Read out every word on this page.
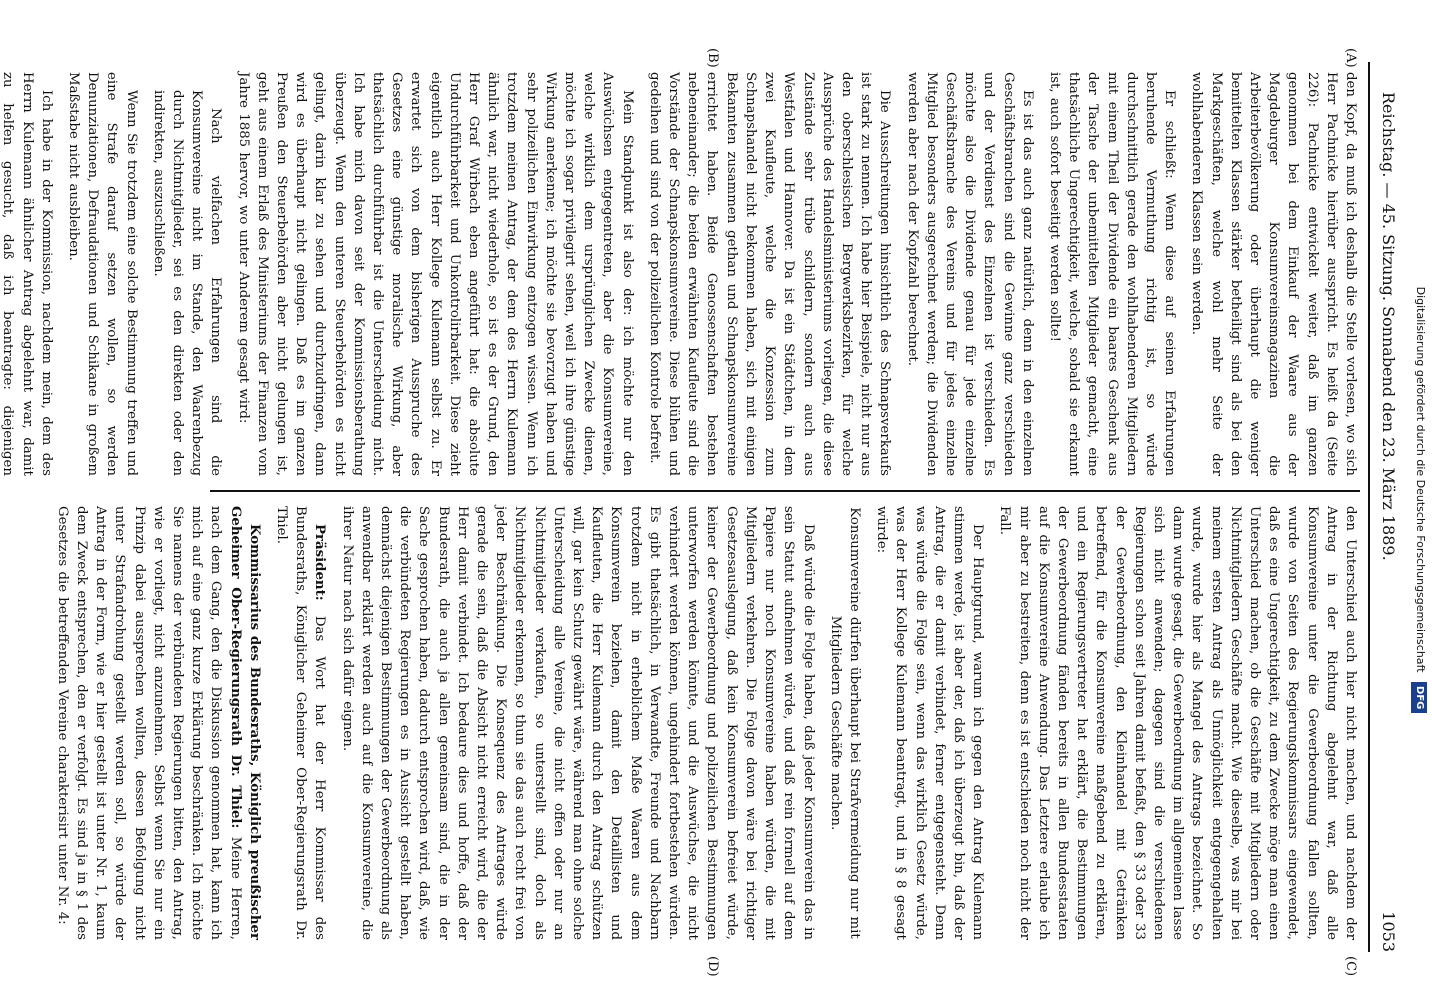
Reichstag. — 45. Sitzung. Sonnabend den 23. März 1889.
1053
(A)
(B)
(C)
(D)

den Kopf, da muß ich deshalb die Stelle vorlesen, wo sich Herr Pachnicke hierüber ausspricht. Es heißt da (Seite 226): Pachnicke entwickelt weiter, daß im ganzen genommen bei dem Einkauf der Waare aus der Magdeburger Konsumvereinsmagazinen die Arbeiterbevölkerung oder überhaupt die weniger bemittelten Klassen stärker betheiligt sind als bei den Markgeschäften, welche wohl mehr Seite der wohlhabenderen Klassen sein werden.

Er schließt: Wenn diese auf seinen Erfahrungen beruhende Vermuthung richtig ist, so würde durchschnittlich gerade den wohlhabenderen Mitgliedern mit einem Theil der Dividende ein baares Geschenk aus der Tasche der unbemittelten Mitglieder gemacht, eine thatsächliche Ungerechtigkeit, welche, sobald sie erkannt ist, auch sofort beseitigt werden sollte!

Es ist das auch ganz natürlich, denn in den einzelnen Geschäftsbranchen sind die Gewinne ganz verschieden und der Verdienst des Einzelnen ist verschieden. Es möchte also die Dividende genau für jede einzelne Geschäftsbranche des Vereins und für jedes einzelne Mitglied besonders ausgerechnet werden; die Dividenden werden aber nach der Kopfzahl berechnet.

Die Ausschreitungen hinsichtlich des Schnapsverkaufs ist stark zu nennen. Ich habe hier Beispiele, nicht nur aus den oberschlesischen Bergwerksbezirken, für welche Aussprüche des Handelsministeriums vorliegen, die diese Zustände sehr trübe schildern, sondern auch aus Westfalen und Hannover. Da ist ein Städtchen, in dem zwei Kaufleute, welche die Konzession zum Schnapshandel nicht bekommen haben, sich mit einigen Bekannten zusammen gethan und Schnapskonsumvereine errichtet haben. Beide Genossenschaften bestehen nebeneinander; die beiden erwähnten Kaufleute sind die Vorstände der Schnapskonsumvereine. Diese blühen und gedeihen und sind von der polizeilichen Kontrole befreit.

Mein Standpunkt ist also der: ich möchte nur den Auswüchsen entgegentreten, aber die Konsumvereine, welche wirklich dem ursprünglichen Zwecke dienen, möchte ich sogar privilegirt sehen, weil ich ihre günstige Wirkung anerkenne; ich möchte sie bevorzugt haben und sehr polizeilichen Einwirkung entzogen wissen. Wenn ich trotzdem meinen Antrag, der dem des Herrn Kulemann ähnlich war, nicht wiederhole, so ist es der Grund, den Herr Graf Wirbach eben angeführt hat: die absolute Undurchführbarkeit und Unkontrolirbarkeit. Diese zieht eigentlich auch Herr Kollege Kulemann selbst zu. Er erwartet sich von dem bisherigen Ausspruche des Gesetzes eine günstige moralische Wirkung, aber thatsächlich durchführbar ist die Unterscheidung nicht. Ich habe mich davon seit der Kommissionsberathung überzeugt. Wenn den unteren Steuerbehörden es nicht gelingt, darin klar zu sehen und durchzudringen, dann wird es überhaupt nicht gelingen. Daß es im ganzen Preußen den Steuerbehörden aber nicht gelungen ist, geht aus einem Erlaß des Ministeriums der Finanzen vom Jahre 1885 hervor, wo unter Anderem gesagt wird:

Nach vielfachen Erfahrungen sind die Konsumvereine nicht im Stande, den Waarenbezug durch Nichtmitglieder, sei es den direkten oder den indirekten, auszuschließen.

Wenn Sie trotzdem eine solche Bestimmung treffen und eine Strafe darauf setzen wollen, so werden Denunziationen, Defraudationen und Schikane in großem Maßstabe nicht ausbleiben.

Ich habe in der Kommission, nachdem mein, dem des Herrn Kulemann ähnlicher Antrag abgelehnt war, damit zu helfen gesucht, daß ich beantragte: diejenigen

den Unterschied auch hier nicht machen, und nachdem der Antrag in der Richtung abgelehnt war, daß alle Konsumvereine unter die Gewerbeordnung fallen sollten, wurde von Seiten des Regierungskommissars eingewendet, daß es eine Ungerechtigkeit, zu dem Zwecke möge man einen Unterschied machen, ob die Geschäfte mit Mitgliedern oder Nichtmitgliedern Geschäfte macht. Wie dieselbe, was mir bei meinem ersten Antrag als Unmöglichkeit entgegengehalten wurde, wurde hier als Mangel des Antrags bezeichnet. So dann wurde gesagt, die Gewerbeordnung im allgemeinen lasse sich nicht anwenden; dagegen sind die verschiedenen Regierungen schon seit Jahren damit befaßt, den § 33 oder 33 der Gewerbeordnung, den Kleinhandel mit Getränken betreffend, für die Konsumvereine maßgebend zu erklären, und ein Regierungsvertreter hat erklärt, die Bestimmungen der Gewerbeordnung fänden bereits in allen Bundesstaaten auf die Konsumvereine Anwendung. Das Letztere erlaube ich mir aber zu bestreiten, denn es ist entschieden noch nicht der Fall.

Der Hauptgrund, warum ich gegen den Antrag Kulemann stimmen werde, ist aber der, daß ich überzeugt bin, daß der Antrag, die er damit verbindet, ferner entgegensteht. Denn was würde die Folge sein, wenn das wirklich Gesetz würde, was der Herr Kollege Kulemann beantragt, und in § 8 gesagt würde:

Konsumvereine dürfen überhaupt bei Strafvermeidung nur mit Mitgliedern Geschäfte machen.

Daß würde die Folge haben, daß jeder Konsumverein das in sein Statut aufnehmen würde, und daß rein formell auf dem Papiere nur noch Konsumvereine haben würden, die mit Mitgliedern verkehren. Die Folge davon wäre bei richtiger Gesetzesauslegung, daß kein Konsumverein befreiet würde, keiner der Gewerbeordnung und polizeilichen Bestimmungen unterworfen werden könnte, und die Auswüchse, die nicht verhindert werden können, ungehindert fortbestehen würden. Es gibt thatsächlich, in Verwandte, Freunde und Nachbarn trotzdem nicht in erheblichem Maße Waaren aus dem Konsumverein beziehen, damit den Detaillisten und Kaufleuten, die Herr Kulemann durch den Antrag schützen will, gar kein Schutz gewährt wäre, während man ohne solche Unterscheidung alle Vereine, die nicht offen oder nur an Nichtmitglieder verkaufen, so unterstellt sind, doch als Nichtmitglieder erkennen, so thun sie das auch recht frei von jeder Beschränkung. Die Konsequenz des Antrages würde gerade die sein, daß die Absicht nicht erreicht wird, die der Herr damit verbindet. Ich bedaure dies und hoffe, daß der Bundesrath, die auch ja allen gemeinsam sind, die in der Sache gesprochen haben, dadurch entsprochen wird, daß, wie die verbündeten Regierungen es in Aussicht gestellt haben, demnächst diejenigen Bestimmungen der Gewerbeordnung als anwendbar erklärt werden auch auf die Konsumvereine, die ihrer Natur nach sich dafür eignen.

Präsident: Das Wort hat der Herr Kommissar des Bundesraths, Königlicher Geheimer Ober-Regierungsrath Dr. Thiel.

Kommissarius des Bundesraths, Königlich preußischer Geheimer Ober-Regierungsrath Dr. Thiel: Meine Herren, nach dem Gang, den die Diskussion genommen hat, kann ich mich auf eine ganz kurze Erklärung beschränken. Ich möchte Sie namens der verbündeten Regierungen bitten, den Antrag, wie er vorliegt, nicht anzunehmen. Selbst wenn Sie nur ein Prinzip dabei aussprechen wollten, dessen Befolgung nicht unter Strafandrohung gestellt werden soll, so würde der Antrag in der Form, wie er hier gestellt ist unter Nr. 1, kaum dem Zweck entsprechen, den er verfolgt. Es sind ja in § 1 des Gesetzes die betreffenden Vereine charakterisirt unter Nr. 4:

Digitalisierung gefördert durch die Deutsche Forschungsgemeinschaft DFG
